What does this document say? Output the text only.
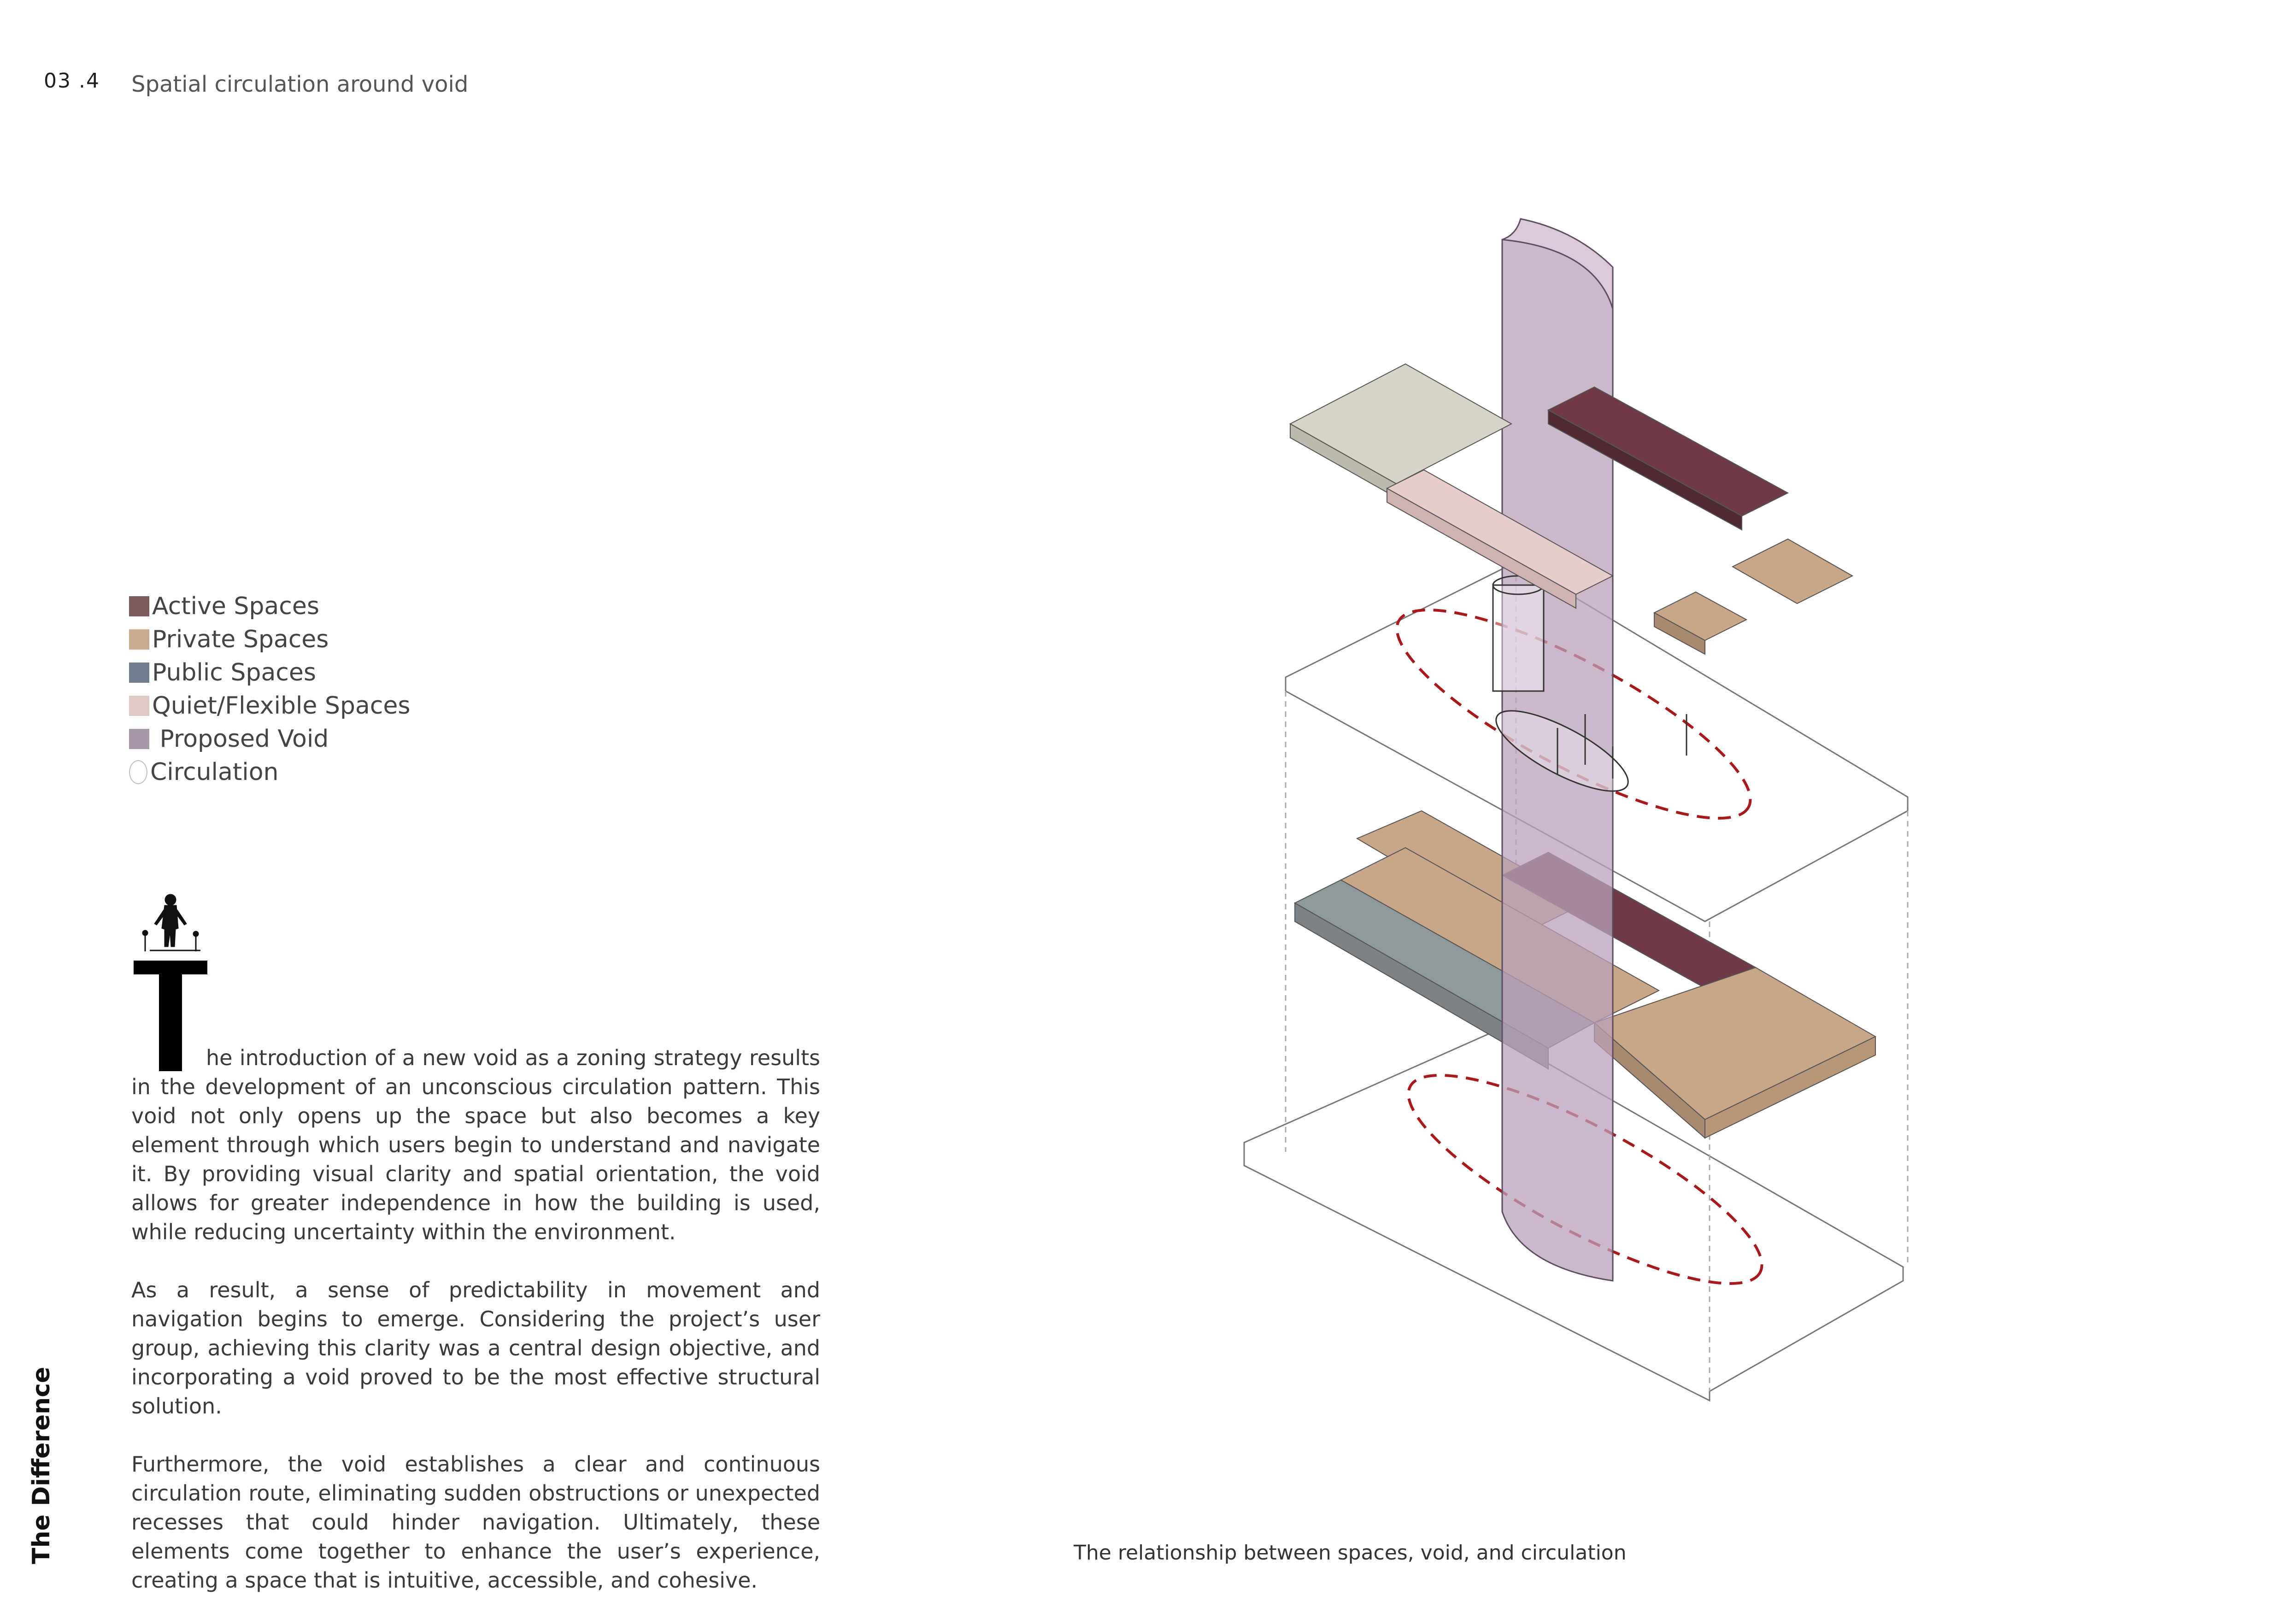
03 .4 Spatial circulation around void
Active Spaces
Private Spaces
Public Spaces
Quiet/Flexible Spaces
Proposed Void
Circulation

he introduction of a new void as a zoning strategy results in the development of an unconscious circulation pattern. This void not only opens up the space but also becomes a key element through which users begin to understand and navigate it. By providing visual clarity and spatial orientation, the void allows for greater independence in how the building is used, while reducing uncertainty within the environment.

As a result, a sense of predictability in movement and navigation begins to emerge. Considering the project’s user group, achieving this clarity was a central design objective, and incorporating a void proved to be the most effective structural solution.

Furthermore, the void establishes a clear and continuous circulation route, eliminating sudden obstructions or unexpected recesses that could hinder navigation. Ultimately, these elements come together to enhance the user’s experience, creating a space that is intuitive, accessible, and cohesive.

The Difference	The relationship between spaces, void, and circulation
